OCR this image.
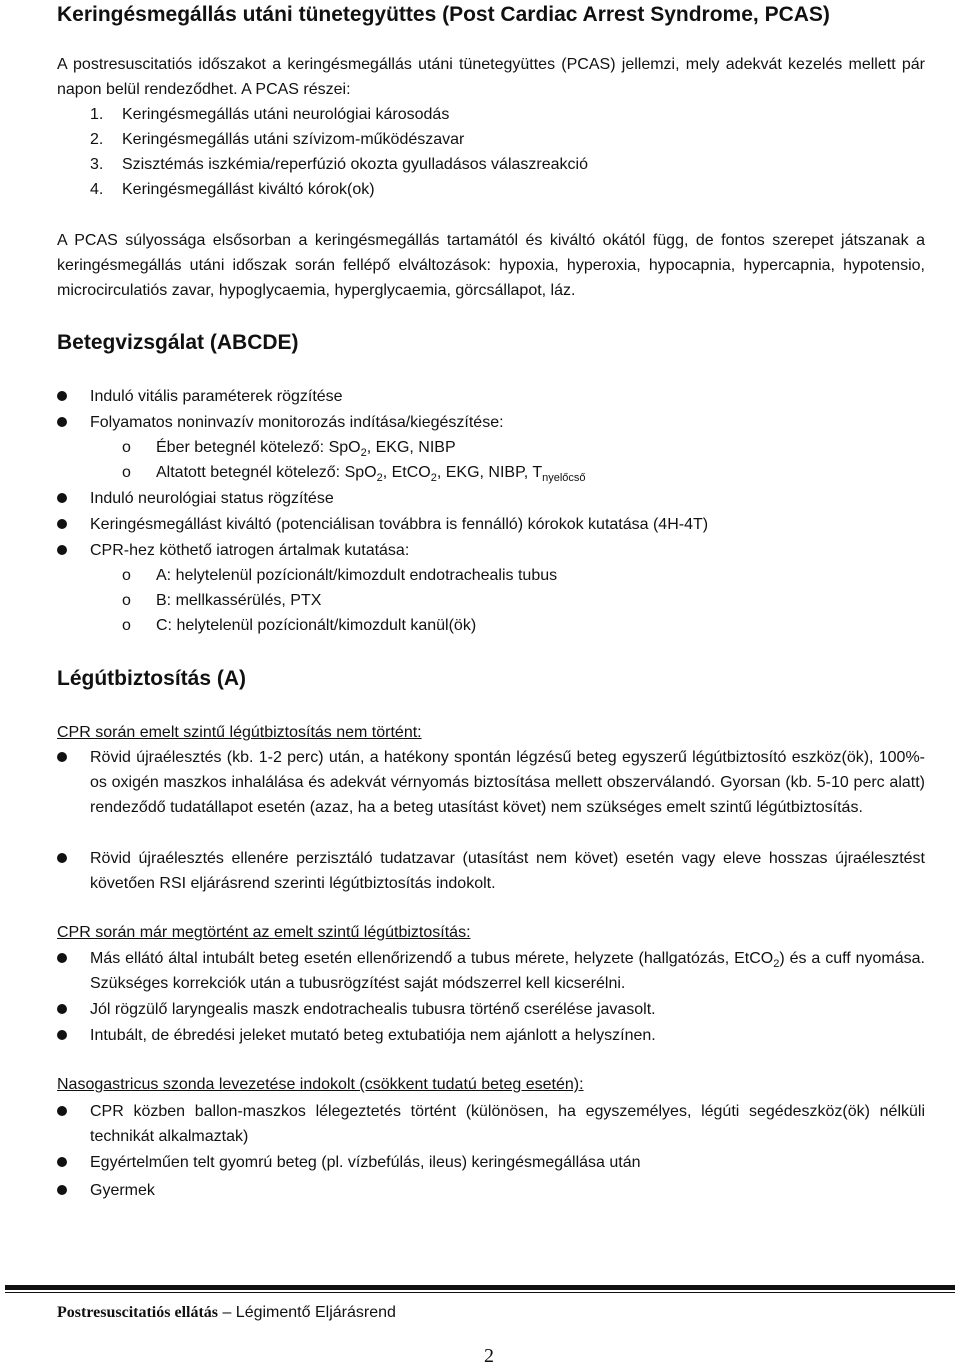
Keringésmegállás utáni tünetegyüttes (Post Cardiac Arrest Syndrome, PCAS)
A postresuscitatiós időszakot a keringésmegállás utáni tünetegyüttes (PCAS) jellemzi, mely adekvát kezelés mellett pár napon belül rendeződhet. A PCAS részei:
1. Keringésmegállás utáni neurológiai károsodás
2. Keringésmegállás utáni szívizom-működészavar
3. Szisztémás iszkémia/reperfúzió okozta gyulladásos válaszreakció
4. Keringésmegállást kiváltó kórok(ok)
A PCAS súlyossága elsősorban a keringésmegállás tartamától és kiváltó okától függ, de fontos szerepet játszanak a keringésmegállás utáni időszak során fellépő elváltozások: hypoxia, hyperoxia, hypocapnia, hypercapnia, hypotensio, microcirculatiós zavar, hypoglycaemia, hyperglycaemia, görcsállapot, láz.
Betegvizsgálat (ABCDE)
Induló vitális paraméterek rögzítése
Folyamatos noninvazív monitorozás indítása/kiegészítése:
o Éber betegnél kötelező: SpO$_2$, EKG, NIBP
o Altatott betegnél kötelező: SpO$_2$, EtCO$_2$, EKG, NIBP, $T_{nyelőcső}$
Induló neurológiai status rögzítése
Keringésmegállást kiváltó (potenciálisan továbbra is fennálló) kórokok kutatása (4H-4T)
CPR-hez köthető iatrogen ártalmak kutatása:
o A: helytelenül pozícionált/kimozdult endotrachealis tubus
o B: mellkassérülés, PTX
o C: helytelenül pozícionált/kimozdult kanül(ök)
Légútbiztosítás (A)
CPR során emelt szintű légútbiztosítás nem történt:
Rövid újraélesztés (kb. 1-2 perc) után, a hatékony spontán légzésű beteg egyszerű légútbiztosító eszköz(ök), 100%-os oxigén maszkos inhalálása és adekvát vérnyomás biztosítása mellett obszerválandó. Gyorsan (kb. 5-10 perc alatt) rendeződő tudatállapot esetén (azaz, ha a beteg utasítást követ) nem szükséges emelt szintű légútbiztosítás.
Rövid újraélesztés ellenére perzisztáló tudatzavar (utasítást nem követ) esetén vagy eleve hosszas újraélesztést követően RSI eljárásrend szerinti légútbiztosítás indokolt.
CPR során már megtörtént az emelt szintű légútbiztosítás:
Más ellátó által intubált beteg esetén ellenőrizendő a tubus mérete, helyzete (hallgatózás, EtCO$_2$) és a cuff nyomása. Szükséges korrekciók után a tubusrögzítést saját módszerrel kell kicserélni.
Jól rögzülő laryngealis maszk endotrachealis tubusra történő cserélése javasolt.
Intubált, de ébredési jeleket mutató beteg extubatiója nem ajánlott a helyszínen.
Nasogastricus szonda levezetése indokolt (csökkent tudatú beteg esetén):
CPR közben ballon-maszkos lélegeztetés történt (különösen, ha egyszemélyes, légúti segédeszköz(ök) nélküli technikát alkalmaztak)
Egyértelműen telt gyomrú beteg (pl. vízbefúlás, ileus) keringésmegállása után
Gyermek
Postresuscitatiós ellátás – Légimentő Eljárásrend
2
